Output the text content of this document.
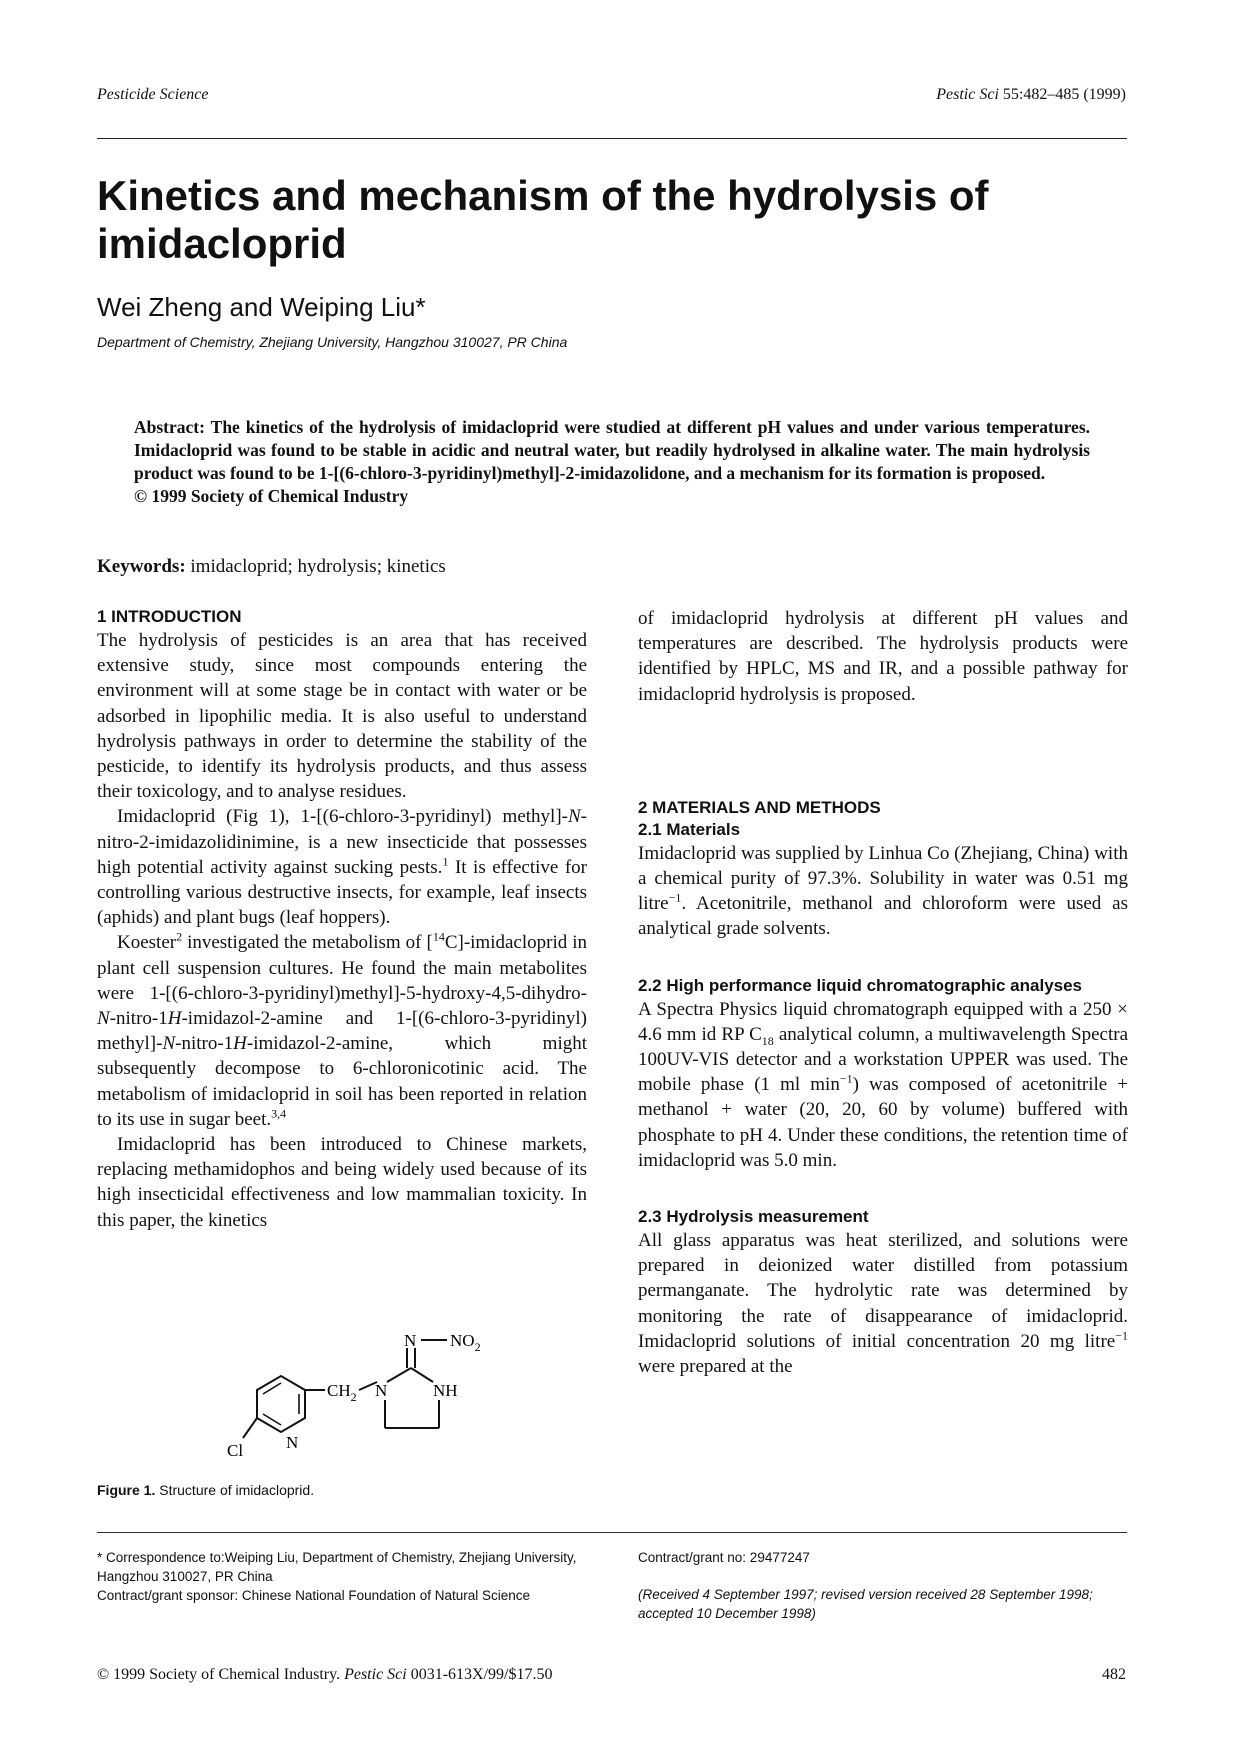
Pesticide Science	Pestic Sci 55:482–485 (1999)
Kinetics and mechanism of the hydrolysis of imidacloprid
Wei Zheng and Weiping Liu*
Department of Chemistry, Zhejiang University, Hangzhou 310027, PR China
Abstract: The kinetics of the hydrolysis of imidacloprid were studied at different pH values and under various temperatures. Imidacloprid was found to be stable in acidic and neutral water, but readily hydrolysed in alkaline water. The main hydrolysis product was found to be 1-[(6-chloro-3-pyridinyl)methyl]-2-imidazolidone, and a mechanism for its formation is proposed.
© 1999 Society of Chemical Industry
Keywords: imidacloprid; hydrolysis; kinetics
1 INTRODUCTION

The hydrolysis of pesticides is an area that has received extensive study, since most compounds entering the environment will at some stage be in contact with water or be adsorbed in lipophilic media. It is also useful to understand hydrolysis pathways in order to determine the stability of the pesticide, to identify its hydrolysis products, and thus assess their toxicology, and to analyse residues.

Imidacloprid (Fig 1), 1-[(6-chloro-3-pyridinyl) methyl]-N-nitro-2-imidazolidinimine, is a new insecticide that possesses high potential activity against sucking pests.$^1$ It is effective for controlling various destructive insects, for example, leaf insects (aphids) and plant bugs (leaf hoppers).

Koester$^2$ investigated the metabolism of [$^{14}$C]-imidacloprid in plant cell suspension cultures. He found the main metabolites were 1-[(6-chloro-3-pyridinyl)methyl]-5-hydroxy-4,5-dihydro-N-nitro-1H-imidazol-2-amine and 1-[(6-chloro-3-pyridinyl) methyl]-N-nitro-1H-imidazol-2-amine, which might subsequently decompose to 6-chloronicotinic acid. The metabolism of imidacloprid in soil has been reported in relation to its use in sugar beet.$^{3,4}$

Imidacloprid has been introduced to Chinese markets, replacing methamidophos and being widely used because of its high insecticidal effectiveness and low mammalian toxicity. In this paper, the kinetics

of imidacloprid hydrolysis at different pH values and temperatures are described. The hydrolysis products were identified by HPLC, MS and IR, and a possible pathway for imidacloprid hydrolysis is proposed.

2 MATERIALS AND METHODS
2.1 Materials

Imidacloprid was supplied by Linhua Co (Zhejiang, China) with a chemical purity of 97.3%. Solubility in water was 0.51 mg litre$^{-1}$. Acetonitrile, methanol and chloroform were used as analytical grade solvents.

2.2 High performance liquid chromatographic analyses

A Spectra Physics liquid chromatograph equipped with a 250 × 4.6 mm id RP $C_{18}$ analytical column, a multiwavelength Spectra 100UV-VIS detector and a workstation UPPER was used. The mobile phase (1 ml $\min^{-1}$) was composed of acetonitrile + methanol + water (20, 20, 60 by volume) buffered with phosphate to pH 4. Under these conditions, the retention time of imidacloprid was 5.0 min.

2.3 Hydrolysis measurement

All glass apparatus was heat sterilized, and solutions were prepared in deionized water distilled from potassium permanganate. The hydrolytic rate was determined by monitoring the rate of disappearance of imidacloprid. Imidacloprid solutions of initial concentration 20 mg litre$^{-1}$ were prepared at the

Cl	N
$CH_2$ N	NH
N $NO_2$
Figure 1. Structure of imidacloprid.

* Correspondence to:Weiping Liu, Department of Chemistry, Zhejiang University, Hangzhou 310027, PR China

Contract/grant sponsor: Chinese National Foundation of Natural Science

Contract/grant no: 29477247

(Received 4 September 1997; revised version received 28 September 1998; accepted 10 December 1998)

© 1999 Society of Chemical Industry. Pestic Sci 0031-613X/99/$17.50	482
